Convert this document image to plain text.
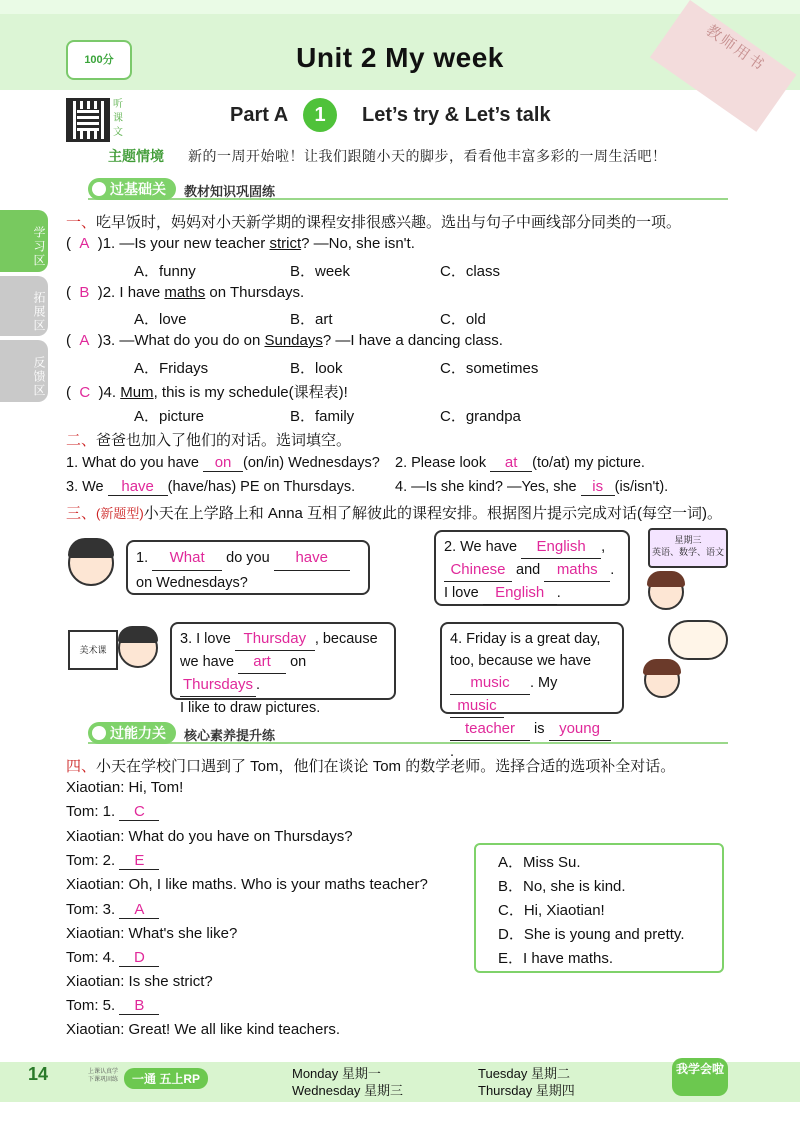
教师用书
100分	Unit 2 My week
听课文
Part A	1	Let’s try & Let’s talk
主题情境 新的一周开始啦！让我们跟随小天的脚步，看看他丰富多彩的一周生活吧！
学习区
拓展区
反馈区
过基础关	教材知识巩固练
一、吃早饭时，妈妈对小天新学期的课程安排很感兴趣。选出与句子中画线部分同类的一项。
(  A )1. —Is your new teacher strict? —No, she isn't.
A．funny	B．week	C．class
(  B )2. I have maths on Thursdays.
A．love	B．art	C．old
(  A )3. —What do you do on Sundays? —I have a dancing class.
A．Fridays	B．look	C．sometimes
(  C )4. Mum, this is my schedule(课程表)!
A．picture	B．family	C．grandpa
二、爸爸也加入了他们的对话。选词填空。
1. What do you have on (on/in) Wednesdays? 2. Please look at (to/at) my picture.
3. We have (have/has) PE on Thursdays.	4. —Is she kind? —Yes, she is (is/isn't).
三、(新题型)小天在上学路上和 Anna 互相了解彼此的课程安排。根据图片提示完成对话(每空一词)。
1. What do you have
on Wednesdays?
2. We have English ,
Chinese and maths .
I love English .
星期三
英语、数学、语文
美术课
3. I love Thursday , because
we have art on Thursdays .
I like to draw pictures.
4. Friday is a great day,
too, because we have
music . My music
teacher is young.
过能力关	核心素养提升练
四、小天在学校门口遇到了 Tom，他们在谈论 Tom 的数学老师。选择合适的选项补全对话。
Xiaotian: Hi, Tom!
Tom: 1. C
Xiaotian: What do you have on Thursdays?
Tom: 2. E
Xiaotian: Oh, I like maths. Who is your maths teacher?
Tom: 3. A
Xiaotian: What's she like?
Tom: 4. D
Xiaotian: Is she strict?
Tom: 5. B
Xiaotian: Great! We all like kind teachers.
A．Miss Su.
B．No, she is kind.
C．Hi, Xiaotian!
D．She is young and pretty.
E．I have maths.
14	上课认真学 下课巩固练	一通 五上RP	Monday 星期一	Tuesday 星期二
Wednesday 星期三	Thursday 星期四
我学会啦
